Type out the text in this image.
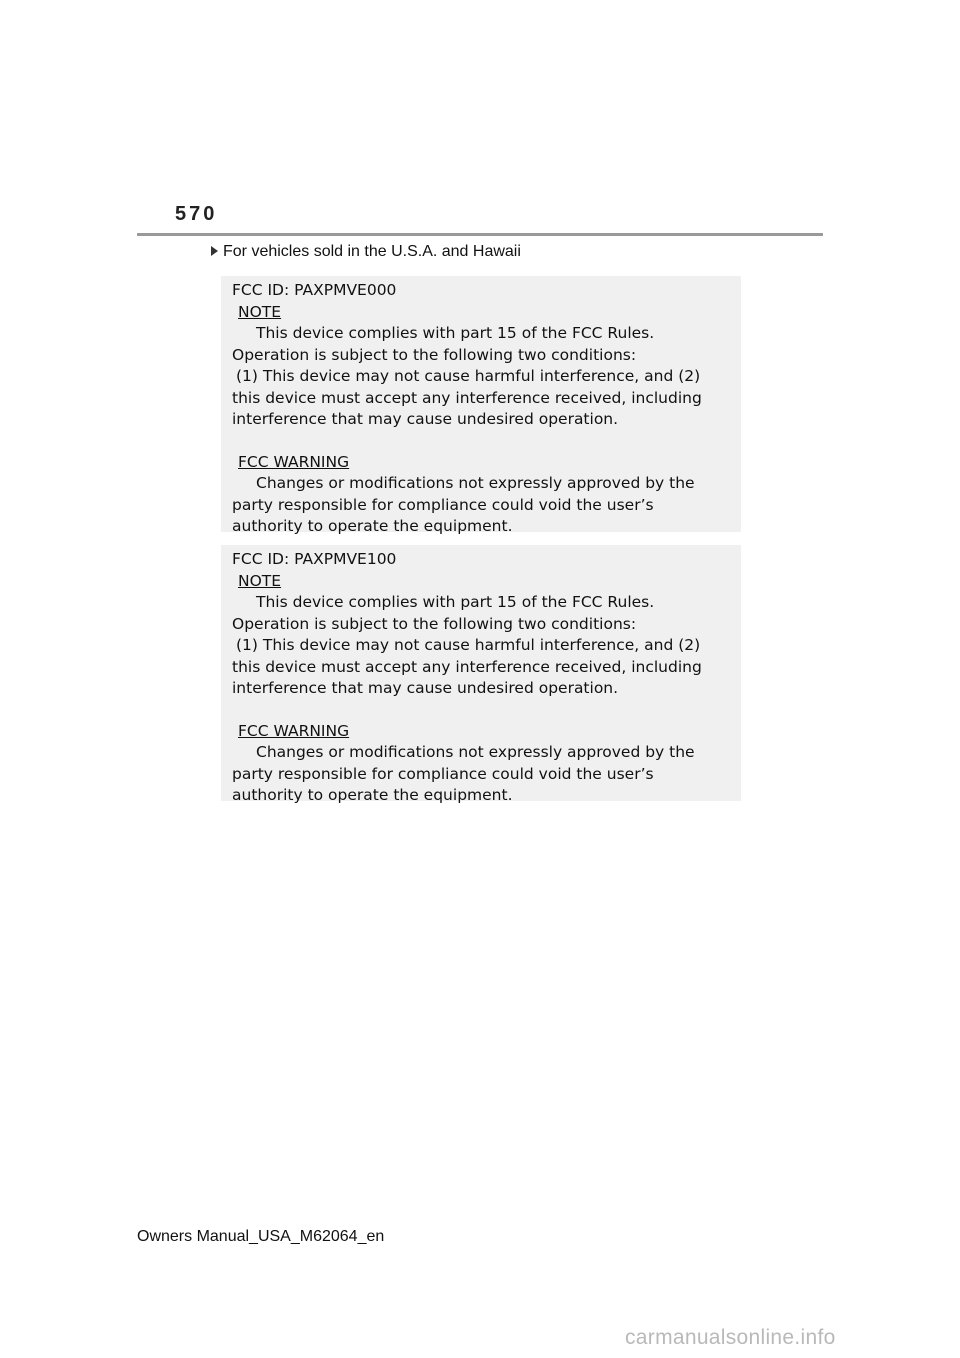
570
For vehicles sold in the U.S.A. and Hawaii
FCC ID: PAXPMVE000
NOTE
This device complies with part 15 of the FCC Rules.
Operation is subject to the following two conditions:
(1) This device may not cause harmful interference, and (2)
this device must accept any interference received, including
interference that may cause undesired operation.
FCC WARNING
Changes or modifications not expressly approved by the
party responsible for compliance could void the user’s
authority to operate the equipment.
FCC ID: PAXPMVE100
NOTE
This device complies with part 15 of the FCC Rules.
Operation is subject to the following two conditions:
(1) This device may not cause harmful interference, and (2)
this device must accept any interference received, including
interference that may cause undesired operation.
FCC WARNING
Changes or modifications not expressly approved by the
party responsible for compliance could void the user’s
authority to operate the equipment.
Owners Manual_USA_M62064_en
carmanualsonline.info
